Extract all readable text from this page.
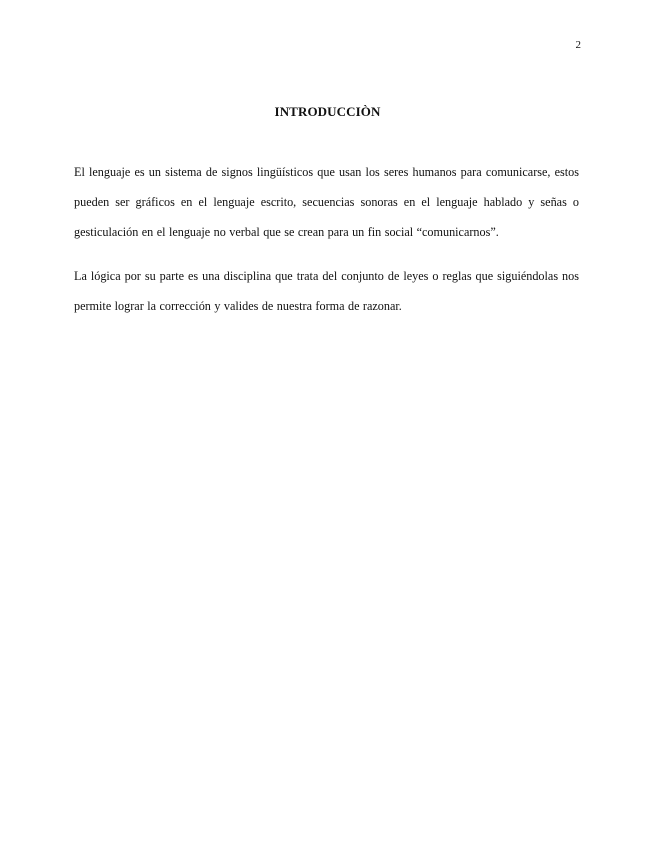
2
INTRODUCCIÒN

El lenguaje es un sistema de signos lingüísticos que usan los seres humanos para comunicarse, estos pueden ser gráficos en el lenguaje escrito, secuencias sonoras en el lenguaje hablado y señas o gesticulación en el lenguaje no verbal que se crean para un fin social “comunicarnos”.

La lógica por su parte es una disciplina que trata del conjunto de leyes o reglas que siguiéndolas nos permite lograr la corrección y valides de nuestra forma de razonar.
